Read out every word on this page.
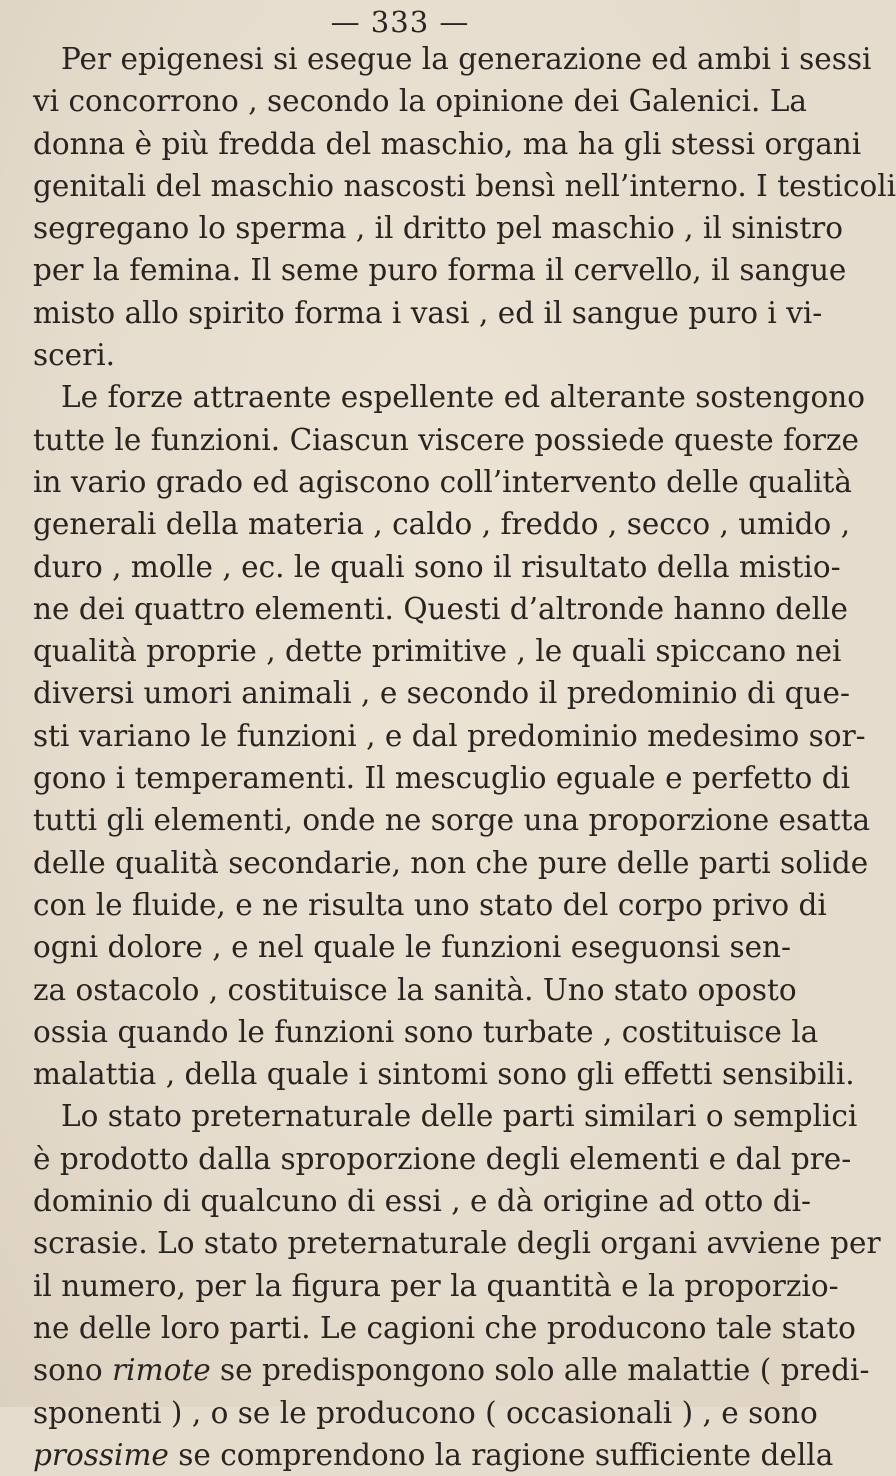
— 333 —
Per epigenesi si esegue la generazione ed ambi i sessi
vi concorrono , secondo la opinione dei Galenici. La
donna è più fredda del maschio, ma ha gli stessi organi
genitali del maschio nascosti bensì nell’interno. I testicoli
segregano lo sperma , il dritto pel maschio , il sinistro
per la femina. Il seme puro forma il cervello, il sangue
misto allo spirito forma i vasi , ed il sangue puro i vi-
sceri.
Le forze attraente espellente ed alterante sostengono
tutte le funzioni. Ciascun viscere possiede queste forze
in vario grado ed agiscono coll’intervento delle qualità
generali della materia , caldo , freddo , secco , umido ,
duro , molle , ec. le quali sono il risultato della mistio-
ne dei quattro elementi. Questi d’altronde hanno delle
qualità proprie , dette primitive , le quali spiccano nei
diversi umori animali , e secondo il predominio di que-
sti variano le funzioni , e dal predominio medesimo sor-
gono i temperamenti. Il mescuglio eguale e perfetto di
tutti gli elementi, onde ne sorge una proporzione esatta
delle qualità secondarie, non che pure delle parti solide
con le fluide, e ne risulta uno stato del corpo privo di
ogni dolore , e nel quale le funzioni eseguonsi sen-
za ostacolo , costituisce la sanità. Uno stato oposto
ossia quando le funzioni sono turbate , costituisce la
malattia , della quale i sintomi sono gli effetti sensibili.
Lo stato preternaturale delle parti similari o semplici
è prodotto dalla sproporzione degli elementi e dal pre-
dominio di qualcuno di essi , e dà origine ad otto di-
scrasie. Lo stato preternaturale degli organi avviene per
il numero, per la figura per la quantità e la proporzio-
ne delle loro parti. Le cagioni che producono tale stato
sono rimote se predispongono solo alle malattie ( predi-
sponenti ) , o se le producono ( occasionali ) , e sono
prossime se comprendono la ragione sufficiente della
